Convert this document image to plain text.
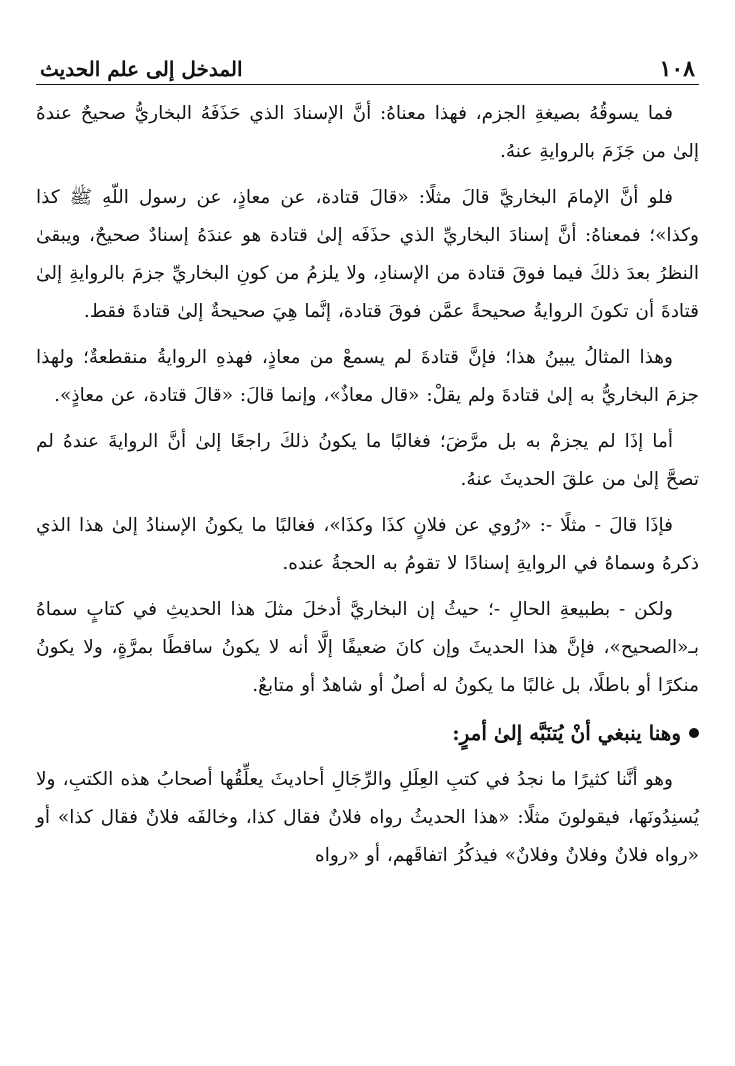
١٠٨
المدخل إلى علم الحديث

فما يسوقُهُ بصيغةِ الجزم، فهذا معناهُ: أنَّ الإسنادَ الذي حَذَفَهُ البخاريُّ صحيحٌ عندهُ إلىٰ من جَزَمَ بالروايةِ عنهُ.

فلو أنَّ الإمامَ البخاريَّ قالَ مثلًا: «قالَ قتادة، عن معاذٍ، عن رسول اللّهِ ﷺ كذا وكذا»؛ فمعناهُ: أنَّ إسنادَ البخاريِّ الذي حذَفَه إلىٰ قتادة هو عندَهُ إسنادٌ صحيحٌ، ويبقىٰ النظرُ بعدَ ذلكَ فيما فوقَ قتادة من الإسنادِ، ولا يلزمُ من كونِ البخاريِّ جزمَ بالروايةِ إلىٰ قتادةَ أن تكونَ الروايةُ صحيحةً عمَّن فوقَ قتادة، إنَّما هِيَ صحيحةٌ إلىٰ قتادةَ فقط.

وهذا المثالُ يبينُ هذا؛ فإنَّ قتادةَ لم يسمعْ من معاذٍ، فهذهِ الروايةُ منقطعةٌ؛ ولهذا جزمَ البخاريُّ به إلىٰ قتادةَ ولم يقلْ: «قال معاذٌ»، وإنما قالَ: «قالَ قتادة، عن معاذٍ».

أما إذَا لم يجزمْ به بل مرَّضَ؛ فغالبًا ما يكونُ ذلكَ راجعًا إلىٰ أنَّ الروايةَ عندهُ لم تصحَّ إلىٰ من علقَ الحديثَ عنهُ.

فإذَا قالَ - مثلًا -: «رُوي عن فلانٍ كذَا وكذَا»، فغالبًا ما يكونُ الإسنادُ إلىٰ هذا الذي ذكرهُ وسماهُ في الروايةِ إسنادًا لا تقومُ به الحجةُ عنده.

ولكن - بطبيعةِ الحالِ -؛ حيثُ إن البخاريَّ أدخلَ مثلَ هذا الحديثِ في كتابٍ سماهُ بـ«الصحيح»، فإنَّ هذا الحديثَ وإن كانَ ضعيفًا إلَّا أنه لا يكونُ ساقطًا بمرَّةٍ، ولا يكونُ منكرًا أو باطلًا، بل غالبًا ما يكونُ له أصلٌ أو شاهدٌ أو متابعٌ.

وهنا ينبغي أنْ يُتنَبَّه إلىٰ أمرٍ:

وهو أنَّنا كثيرًا ما نجدُ في كتبِ العِلَلِ والرِّجَالِ أحاديثَ يعلِّقُها أصحابُ هذه الكتبِ، ولا يُسنِدُونَها، فيقولونَ مثلًا: «هذا الحديثُ رواه فلانٌ فقال كذا، وخالفَه فلانٌ فقال كذا» أو «رواه فلانٌ وفلانٌ وفلانٌ» فيذكُرُ اتفاقَهم، أو «رواه
